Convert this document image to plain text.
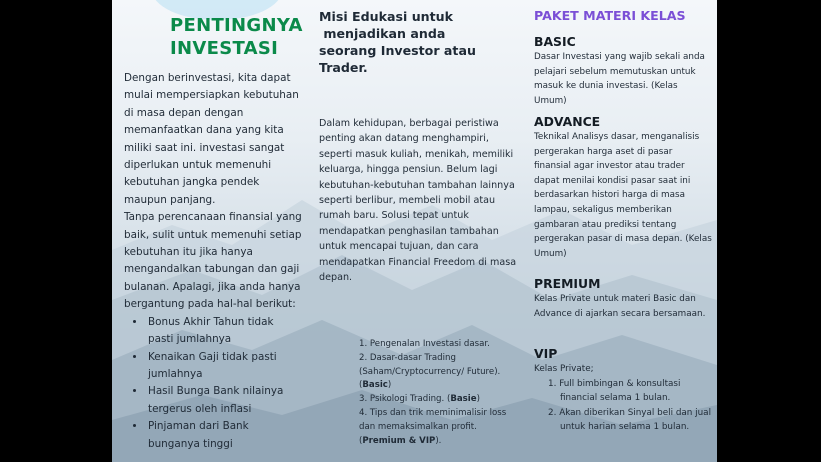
PENTINGNYA
INVESTASI

Dengan berinvestasi, kita dapat mulai mempersiapkan kebutuhan di masa depan dengan memanfaatkan dana yang kita miliki saat ini. investasi sangat diperlukan untuk memenuhi kebutuhan jangka pendek maupun panjang.

Tanpa perencanaan finansial yang baik, sulit untuk memenuhi setiap kebutuhan itu jika hanya mengandalkan tabungan dan gaji bulanan. Apalagi, jika anda hanya bergantung pada hal-hal berikut:

• Bonus Akhir Tahun tidak pasti jumlahnya
• Kenaikan Gaji tidak pasti jumlahnya
• Hasil Bunga Bank nilainya tergerus oleh inflasi
• Pinjaman dari Bank bunganya tinggi
Misi Edukasi untuk
menjadikan anda
seorang Investor atau
Trader.
Dalam kehidupan, berbagai peristiwa penting akan datang menghampiri, seperti masuk kuliah, menikah, memiliki keluarga, hingga pensiun. Belum lagi kebutuhan-kebutuhan tambahan lainnya seperti berlibur, membeli mobil atau rumah baru. Solusi tepat untuk mendapatkan penghasilan tambahan untuk mencapai tujuan, dan cara mendapatkan Financial Freedom di masa depan.
1. Pengenalan Investasi dasar.
2. Dasar-dasar Trading (Saham/Cryptocurrency/ Future). (Basic)
3. Psikologi Trading. (Basie)
4. Tips dan trik meminimalisir loss dan memaksimalkan profit. (Premium & VIP).
PAKET MATERI KELAS
BASIC

Dasar Investasi yang wajib sekali anda pelajari sebelum memutuskan untuk masuk ke dunia investasi. (Kelas Umum)

ADVANCE

Teknikal Analisys dasar, menganalisis pergerakan harga aset di pasar finansial agar investor atau trader dapat menilai kondisi pasar saat ini berdasarkan histori harga di masa lampau, sekaligus memberikan gambaran atau prediksi tentang pergerakan pasar di masa depan. (Kelas Umum)

PREMIUM

Kelas Private untuk materi Basic dan Advance di ajarkan secara bersamaan.

VIP

Kelas Private;

1. Full bimbingan & konsultasi financial selama 1 bulan.
2. Akan diberikan Sinyal beli dan jual untuk harian selama 1 bulan.
